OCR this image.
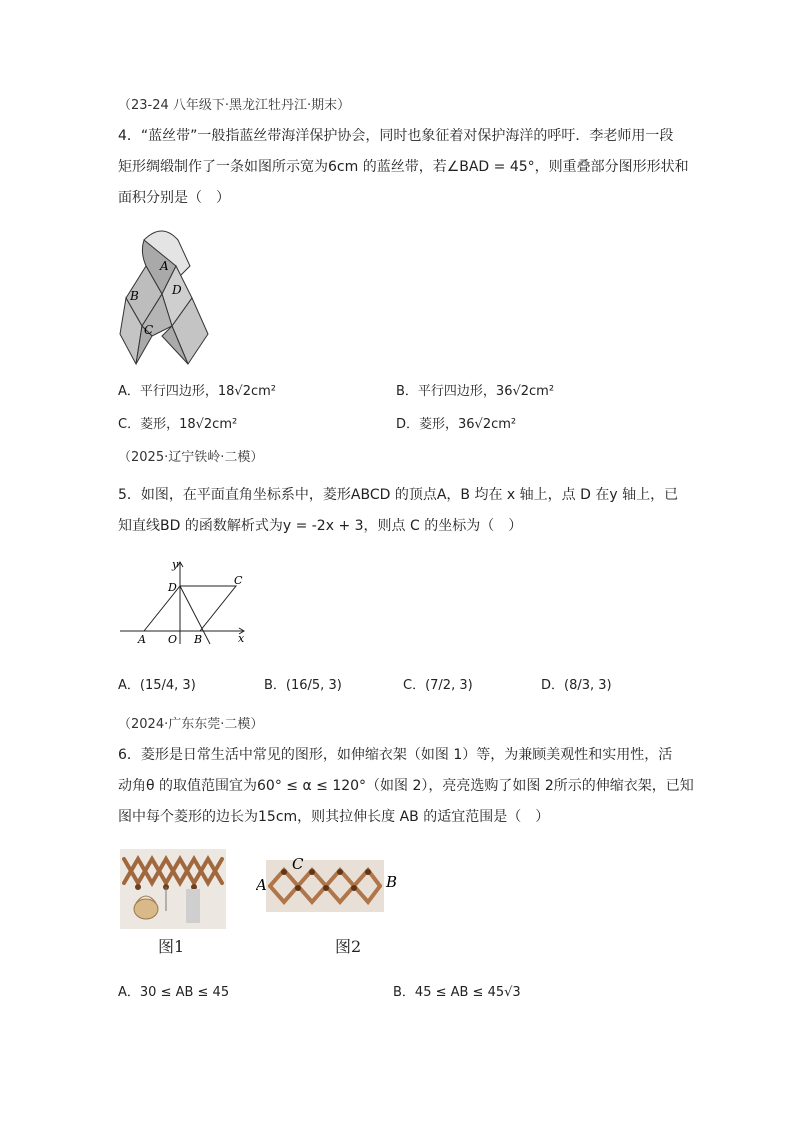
（23-24 八年级下·黑龙江牡丹江·期末）
4．“蓝丝带”一般指蓝丝带海洋保护协会，同时也象征着对保护海洋的呼吁．李老师用一段
矩形绸缎制作了一条如图所示宽为6cm 的蓝丝带，若∠BAD = 45°，则重叠部分图形形状和
面积分别是（　）
A
B	D
C
A．平行四边形，18√2cm²	B．平行四边形，36√2cm²
C．菱形，18√2cm²	D．菱形，36√2cm²
（2025·辽宁铁岭·二模）
5．如图，在平面直角坐标系中，菱形ABCD 的顶点A，B 均在 x 轴上，点 D 在y 轴上，已
知直线BD 的函数解析式为y = -2x + 3，则点 C 的坐标为（　）
y
x
D
C
A O B
A．(15/4, 3)	B．(16/5, 3)	C．(7/2, 3)	D．(8/3, 3)
（2024·广东东莞·二模）
6．菱形是日常生活中常见的图形，如伸缩衣架（如图 1）等，为兼顾美观性和实用性，活
动角θ 的取值范围宜为60° ≤ α ≤ 120°（如图 2），亮亮选购了如图 2所示的伸缩衣架，已知
图中每个菱形的边长为15cm，则其拉伸长度 AB 的适宜范围是（　）
图1
A
C
B
图2
A．30 ≤ AB ≤ 45	B．45 ≤ AB ≤ 45√3
